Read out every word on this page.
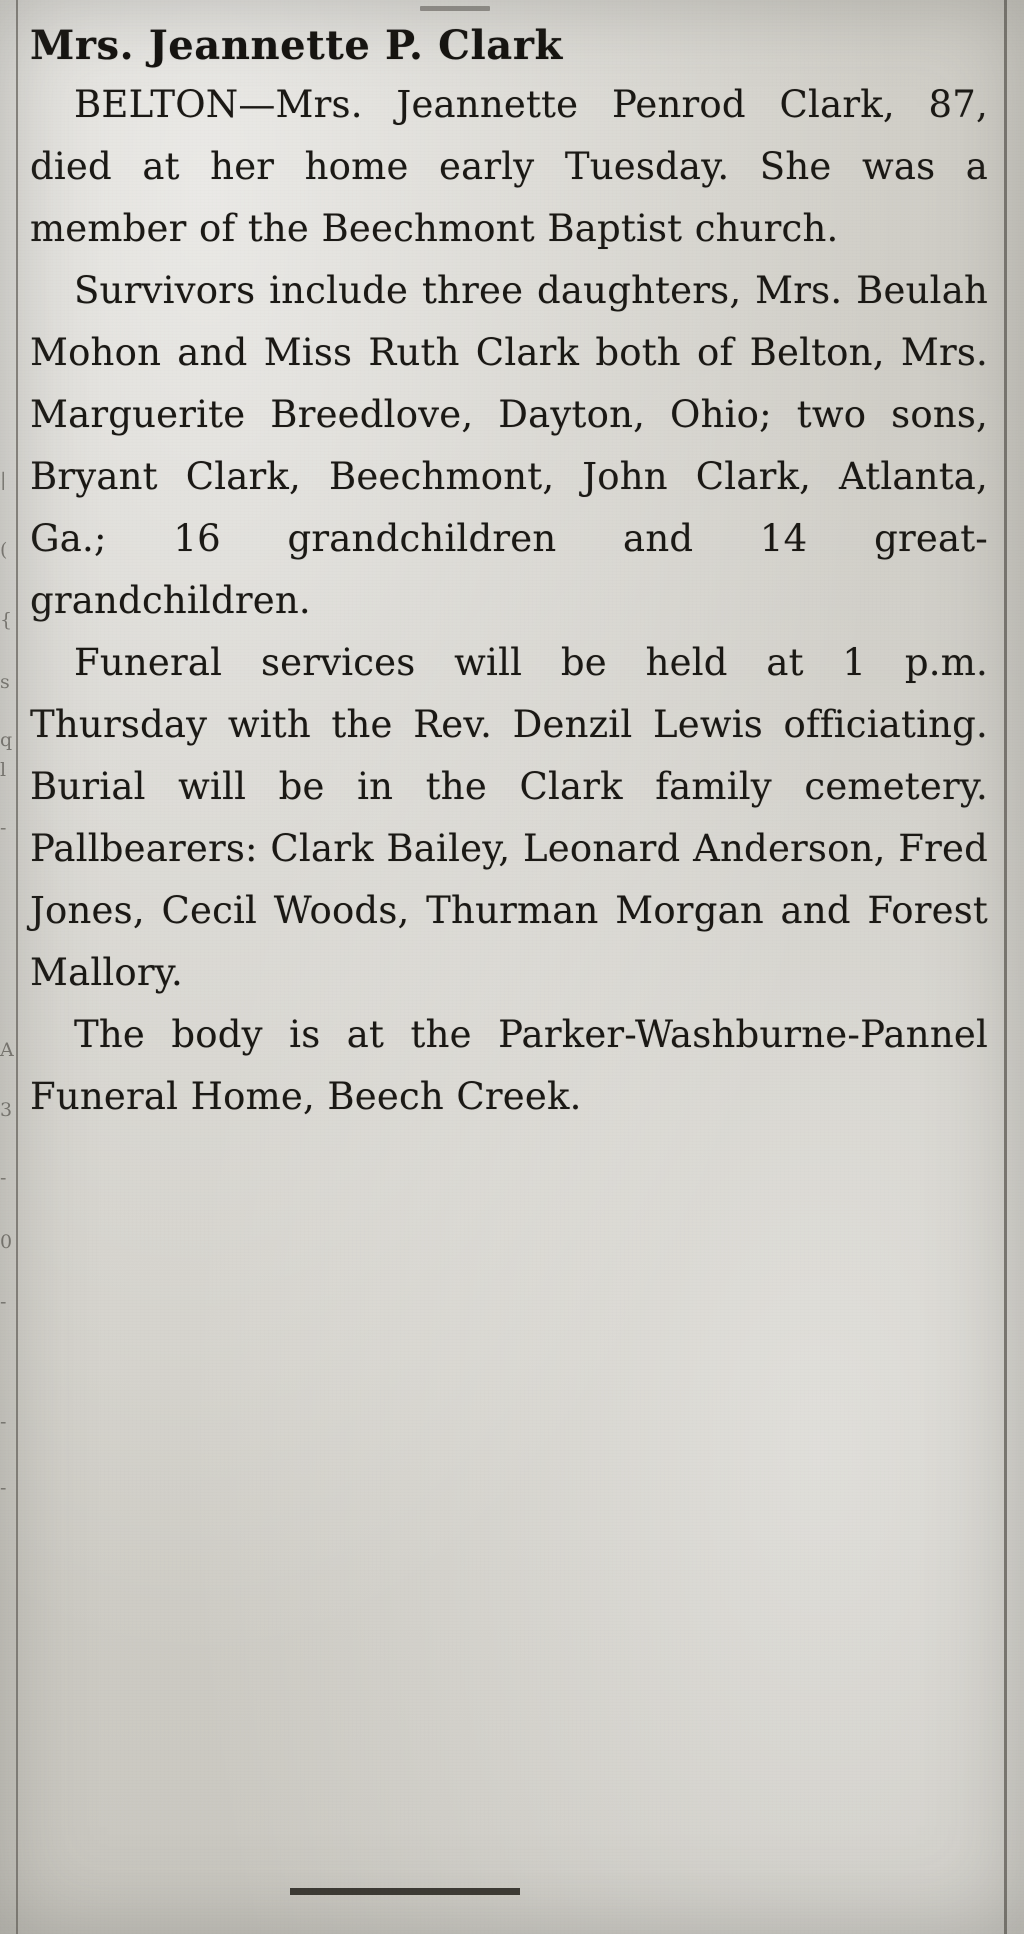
|
(
{
s
q
l
-
A
3
-
0
-
-
-
Mrs. Jeannette P. Clark

BELTON—Mrs. Jeannette Penrod Clark, 87, died at her home early Tuesday. She was a member of the Beechmont Baptist church.

Survivors include three daughters, Mrs. Beulah Mohon and Miss Ruth Clark both of Belton, Mrs. Marguerite Breedlove, Dayton, Ohio; two sons, Bryant Clark, Beechmont, John Clark, Atlanta, Ga.; 16 grandchildren and 14 great-grandchildren.

Funeral services will be held at 1 p.m. Thursday with the Rev. Denzil Lewis officiating. Burial will be in the Clark family cemetery. Pallbearers: Clark Bailey, Leonard Anderson, Fred Jones, Cecil Woods, Thurman Morgan and Forest Mallory.

The body is at the Parker-Washburne-Pannel Funeral Home, Beech Creek.
